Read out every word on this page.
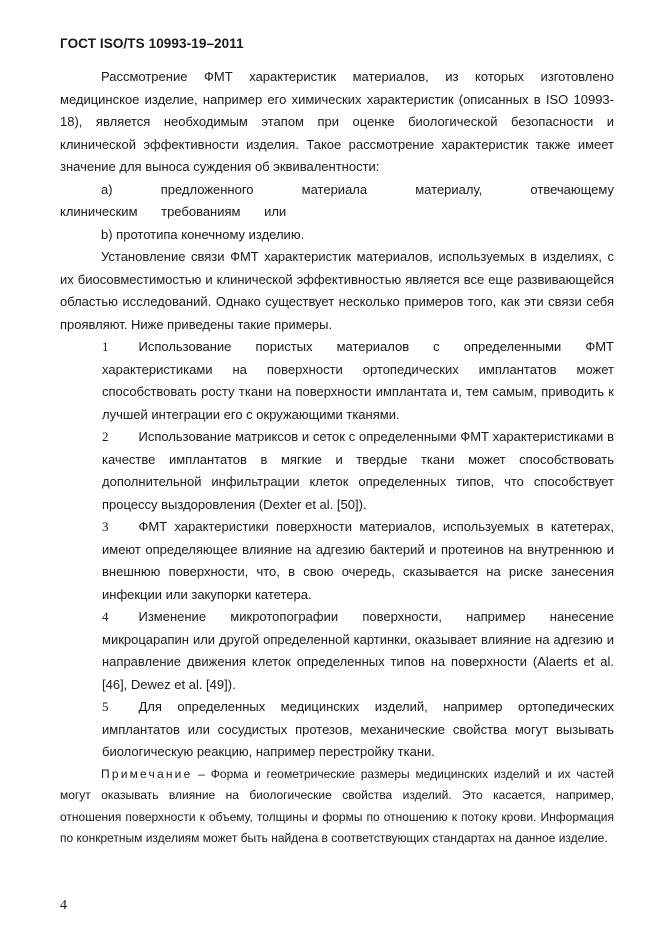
ГОСТ ISO/TS 10993-19–2011

Рассмотрение ФМТ характеристик материалов, из которых изготовлено медицинское изделие, например его химических характеристик (описанных в ISO 10993-18), является необходимым этапом при оценке биологической безопасности и клинической эффективности изделия. Такое рассмотрение характеристик также имеет значение для выноса суждения об эквивалентности:

a) предложенного материала материалу, отвечающему клиническим требованиям или

b) прототипа конечному изделию.

Установление связи ФМТ характеристик материалов, используемых в изделиях, с их биосовместимостью и клинической эффективностью является все еще развивающейся областью исследований. Однако существует несколько примеров того, как эти связи себя проявляют. Ниже приведены такие примеры.

1 Использование пористых материалов с определенными ФМТ характеристиками на поверхности ортопедических имплантатов может способствовать росту ткани на поверхности имплантата и, тем самым, приводить к лучшей интеграции его с окружающими тканями.

2 Использование матриксов и сеток с определенными ФМТ характеристиками в качестве имплантатов в мягкие и твердые ткани может способствовать дополнительной инфильтрации клеток определенных типов, что способствует процессу выздоровления (Dexter et al. [50]).

3 ФМТ характеристики поверхности материалов, используемых в катетерах, имеют определяющее влияние на адгезию бактерий и протеинов на внутреннюю и внешнюю поверхности, что, в свою очередь, сказывается на риске занесения инфекции или закупорки катетера.

4 Изменение микротопографии поверхности, например нанесение микроцарапин или другой определенной картинки, оказывает влияние на адгезию и направление движения клеток определенных типов на поверхности (Alaerts et al. [46], Dewez et al. [49]).

5 Для определенных медицинских изделий, например ортопедических имплантатов или сосудистых протезов, механические свойства могут вызывать биологическую реакцию, например перестройку ткани.

Примечание – Форма и геометрические размеры медицинских изделий и их частей могут оказывать влияние на биологические свойства изделий. Это касается, например, отношения поверхности к объему, толщины и формы по отношению к потоку крови. Информация по конкретным изделиям может быть найдена в соответствующих стандартах на данное изделие.

4
